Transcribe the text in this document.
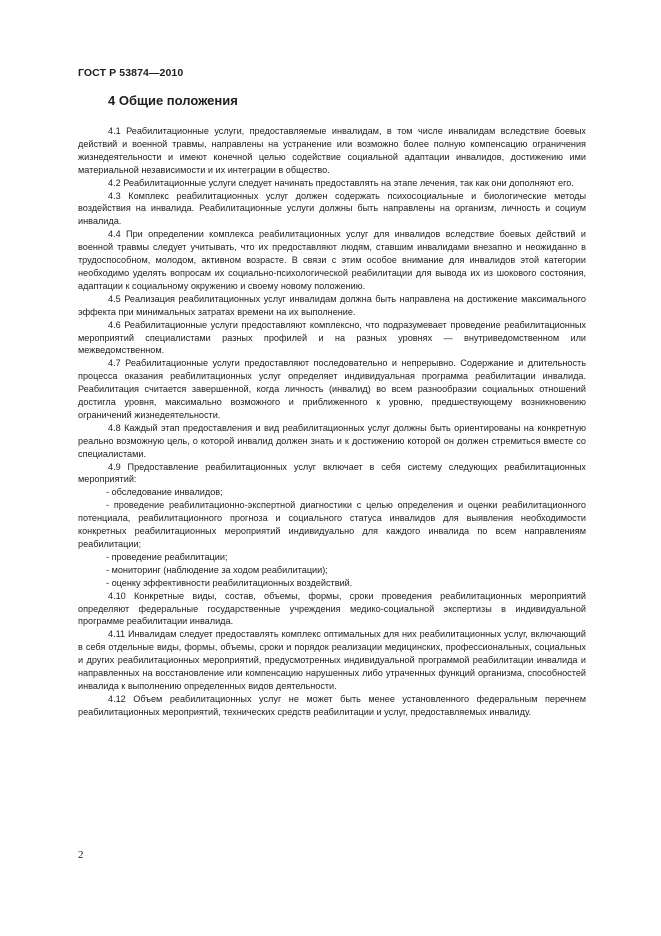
ГОСТ Р 53874—2010
4 Общие положения

4.1 Реабилитационные услуги, предоставляемые инвалидам, в том числе инвалидам вследствие боевых действий и военной травмы, направлены на устранение или возможно более полную компенсацию ограничения жизнедеятельности и имеют конечной целью содействие социальной адаптации инвалидов, достижению ими материальной независимости и их интеграции в общество.

4.2 Реабилитационные услуги следует начинать предоставлять на этапе лечения, так как они дополняют его.

4.3 Комплекс реабилитационных услуг должен содержать психосоциальные и биологические методы воздействия на инвалида. Реабилитационные услуги должны быть направлены на организм, личность и социум инвалида.

4.4 При определении комплекса реабилитационных услуг для инвалидов вследствие боевых действий и военной травмы следует учитывать, что их предоставляют людям, ставшим инвалидами внезапно и неожиданно в трудоспособном, молодом, активном возрасте. В связи с этим особое внимание для инвалидов этой категории необходимо уделять вопросам их социально-психологической реабилитации для вывода их из шокового состояния, адаптации к социальному окружению и своему новому положению.

4.5 Реализация реабилитационных услуг инвалидам должна быть направлена на достижение максимального эффекта при минимальных затратах времени на их выполнение.

4.6 Реабилитационные услуги предоставляют комплексно, что подразумевает проведение реабилитационных мероприятий специалистами разных профилей и на разных уровнях — внутриведомственном или межведомственном.

4.7 Реабилитационные услуги предоставляют последовательно и непрерывно. Содержание и длительность процесса оказания реабилитационных услуг определяет индивидуальная программа реабилитации инвалида. Реабилитация считается завершенной, когда личность (инвалид) во всем разнообразии социальных отношений достигла уровня, максимально возможного и приближенного к уровню, предшествующему возникновению ограничений жизнедеятельности.

4.8 Каждый этап предоставления и вид реабилитационных услуг должны быть ориентированы на конкретную реально возможную цель, о которой инвалид должен знать и к достижению которой он должен стремиться вместе со специалистами.

4.9 Предоставление реабилитационных услуг включает в себя систему следующих реабилитационных мероприятий:

- обследование инвалидов;

- проведение реабилитационно-экспертной диагностики с целью определения и оценки реабилитационного потенциала, реабилитационного прогноза и социального статуса инвалидов для выявления необходимости конкретных реабилитационных мероприятий индивидуально для каждого инвалида по всем направлениям реабилитации;

- проведение реабилитации;

- мониторинг (наблюдение за ходом реабилитации);

- оценку эффективности реабилитационных воздействий.

4.10 Конкретные виды, состав, объемы, формы, сроки проведения реабилитационных мероприятий определяют федеральные государственные учреждения медико-социальной экспертизы в индивидуальной программе реабилитации инвалида.

4.11 Инвалидам следует предоставлять комплекс оптимальных для них реабилитационных услуг, включающий в себя отдельные виды, формы, объемы, сроки и порядок реализации медицинских, профессиональных, социальных и других реабилитационных мероприятий, предусмотренных индивидуальной программой реабилитации инвалида и направленных на восстановление или компенсацию нарушенных либо утраченных функций организма, способностей инвалида к выполнению определенных видов деятельности.

4.12 Объем реабилитационных услуг не может быть менее установленного федеральным перечнем реабилитационных мероприятий, технических средств реабилитации и услуг, предоставляемых инвалиду.

2
